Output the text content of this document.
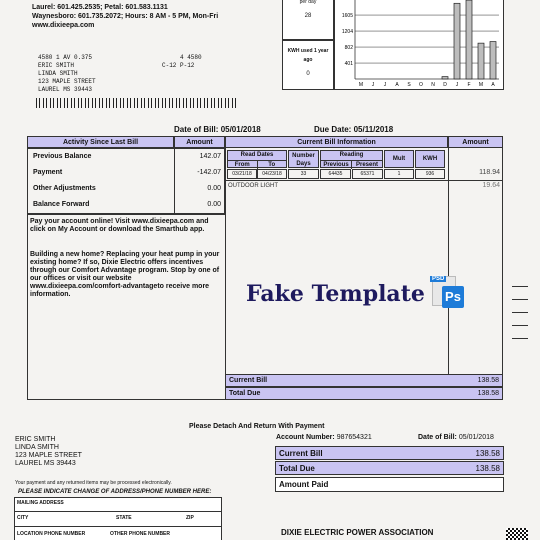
Laurel: 601.425.2535; Petal: 601.583.1131
Waynesboro: 601.735.2072; Hours: 8 AM - 5 PM, Mon-Fri
www.dixieepa.com
4580 1 AV 0.375	4 4580
ERIC SMITH	C-12 P-12
LINDA SMITH
123 MAPLE STREET
LAUREL MS 39443
per day
28
KWH used 1 year ago
0
1605
1204
802
401
M J J A S O N D J F M A
Date of Bill: 05/01/2018	Due Date: 05/11/2018
Activity Since Last Bill	Amount	Current Bill Information	Amount
Previous Balance	142.07
Payment	-142.07
Other Adjustments	0.00
Balance Forward	0.00
Read Dates
From	To
Number Days
Reading
Previous	Present
Mult	KWH
03/21/18	04/23/18	33	64435	65371	1	936	118.94
OUTDOOR LIGHT	19.64
Pay your account online! Visit www.dixieepa.com and click on My Account or download the Smarthub app.
Building a new home? Replacing your heat pump in your existing home? If so, Dixie Electric offers incentives through our Comfort Advantage program. Stop by one of our offices or visit our website www.dixieepa.com/comfort-advantageto receive more information.	Fake Template
PSD
Ps
Current Bill	138.58
Total Due	138.58
Please Detach And Return With Payment
Account Number: 987654321	Date of Bill: 05/01/2018
ERIC SMITH
LINDA SMITH
123 MAPLE STREET
LAUREL MS 39443
Current Bill	138.58
Total Due	138.58
Amount Paid
Your payment and any returned items may be processed electronically.
PLEASE INDICATE CHANGE OF ADDRESS/PHONE NUMBER HERE:
MAILING ADDRESS
CITY	STATE	ZIP
LOCATION PHONE NUMBER	OTHER PHONE NUMBER	DIXIE ELECTRIC POWER ASSOCIATION
